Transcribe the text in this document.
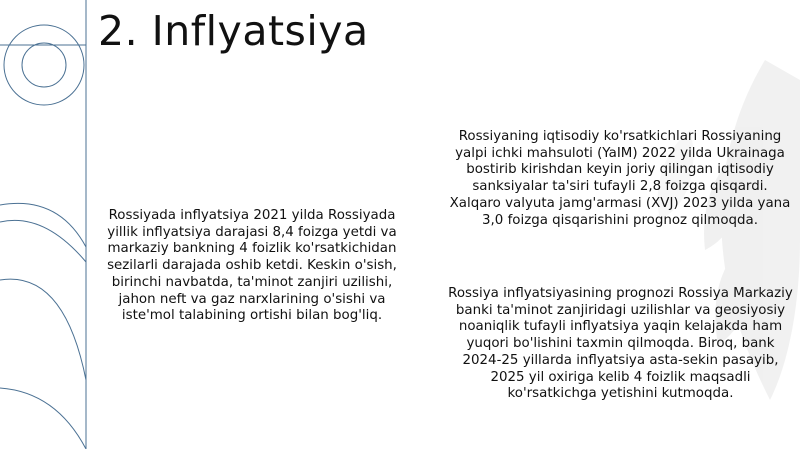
2. Inflyatsiya

Rossiyada inflyatsiya 2021 yilda Rossiyada yillik inflyatsiya darajasi 8,4 foizga yetdi va markaziy bankning 4 foizlik ko'rsatkichidan sezilarli darajada oshib ketdi. Keskin o'sish, birinchi navbatda, ta'minot zanjiri uzilishi, jahon neft va gaz narxlarining o'sishi va iste'mol talabining ortishi bilan bog'liq.

Rossiyaning iqtisodiy ko'rsatkichlari Rossiyaning yalpi ichki mahsuloti (YaIM) 2022 yilda Ukrainaga bostirib kirishdan keyin joriy qilingan iqtisodiy sanksiyalar ta'siri tufayli 2,8 foizga qisqardi. Xalqaro valyuta jamg'armasi (XVJ) 2023 yilda yana 3,0 foizga qisqarishini prognoz qilmoqda.

Rossiya inflyatsiyasining prognozi Rossiya Markaziy banki ta'minot zanjiridagi uzilishlar va geosiyosiy noaniqlik tufayli inflyatsiya yaqin kelajakda ham yuqori bo'lishini taxmin qilmoqda. Biroq, bank 2024-25 yillarda inflyatsiya asta-sekin pasayib, 2025 yil oxiriga kelib 4 foizlik maqsadli ko'rsatkichga yetishini kutmoqda.
